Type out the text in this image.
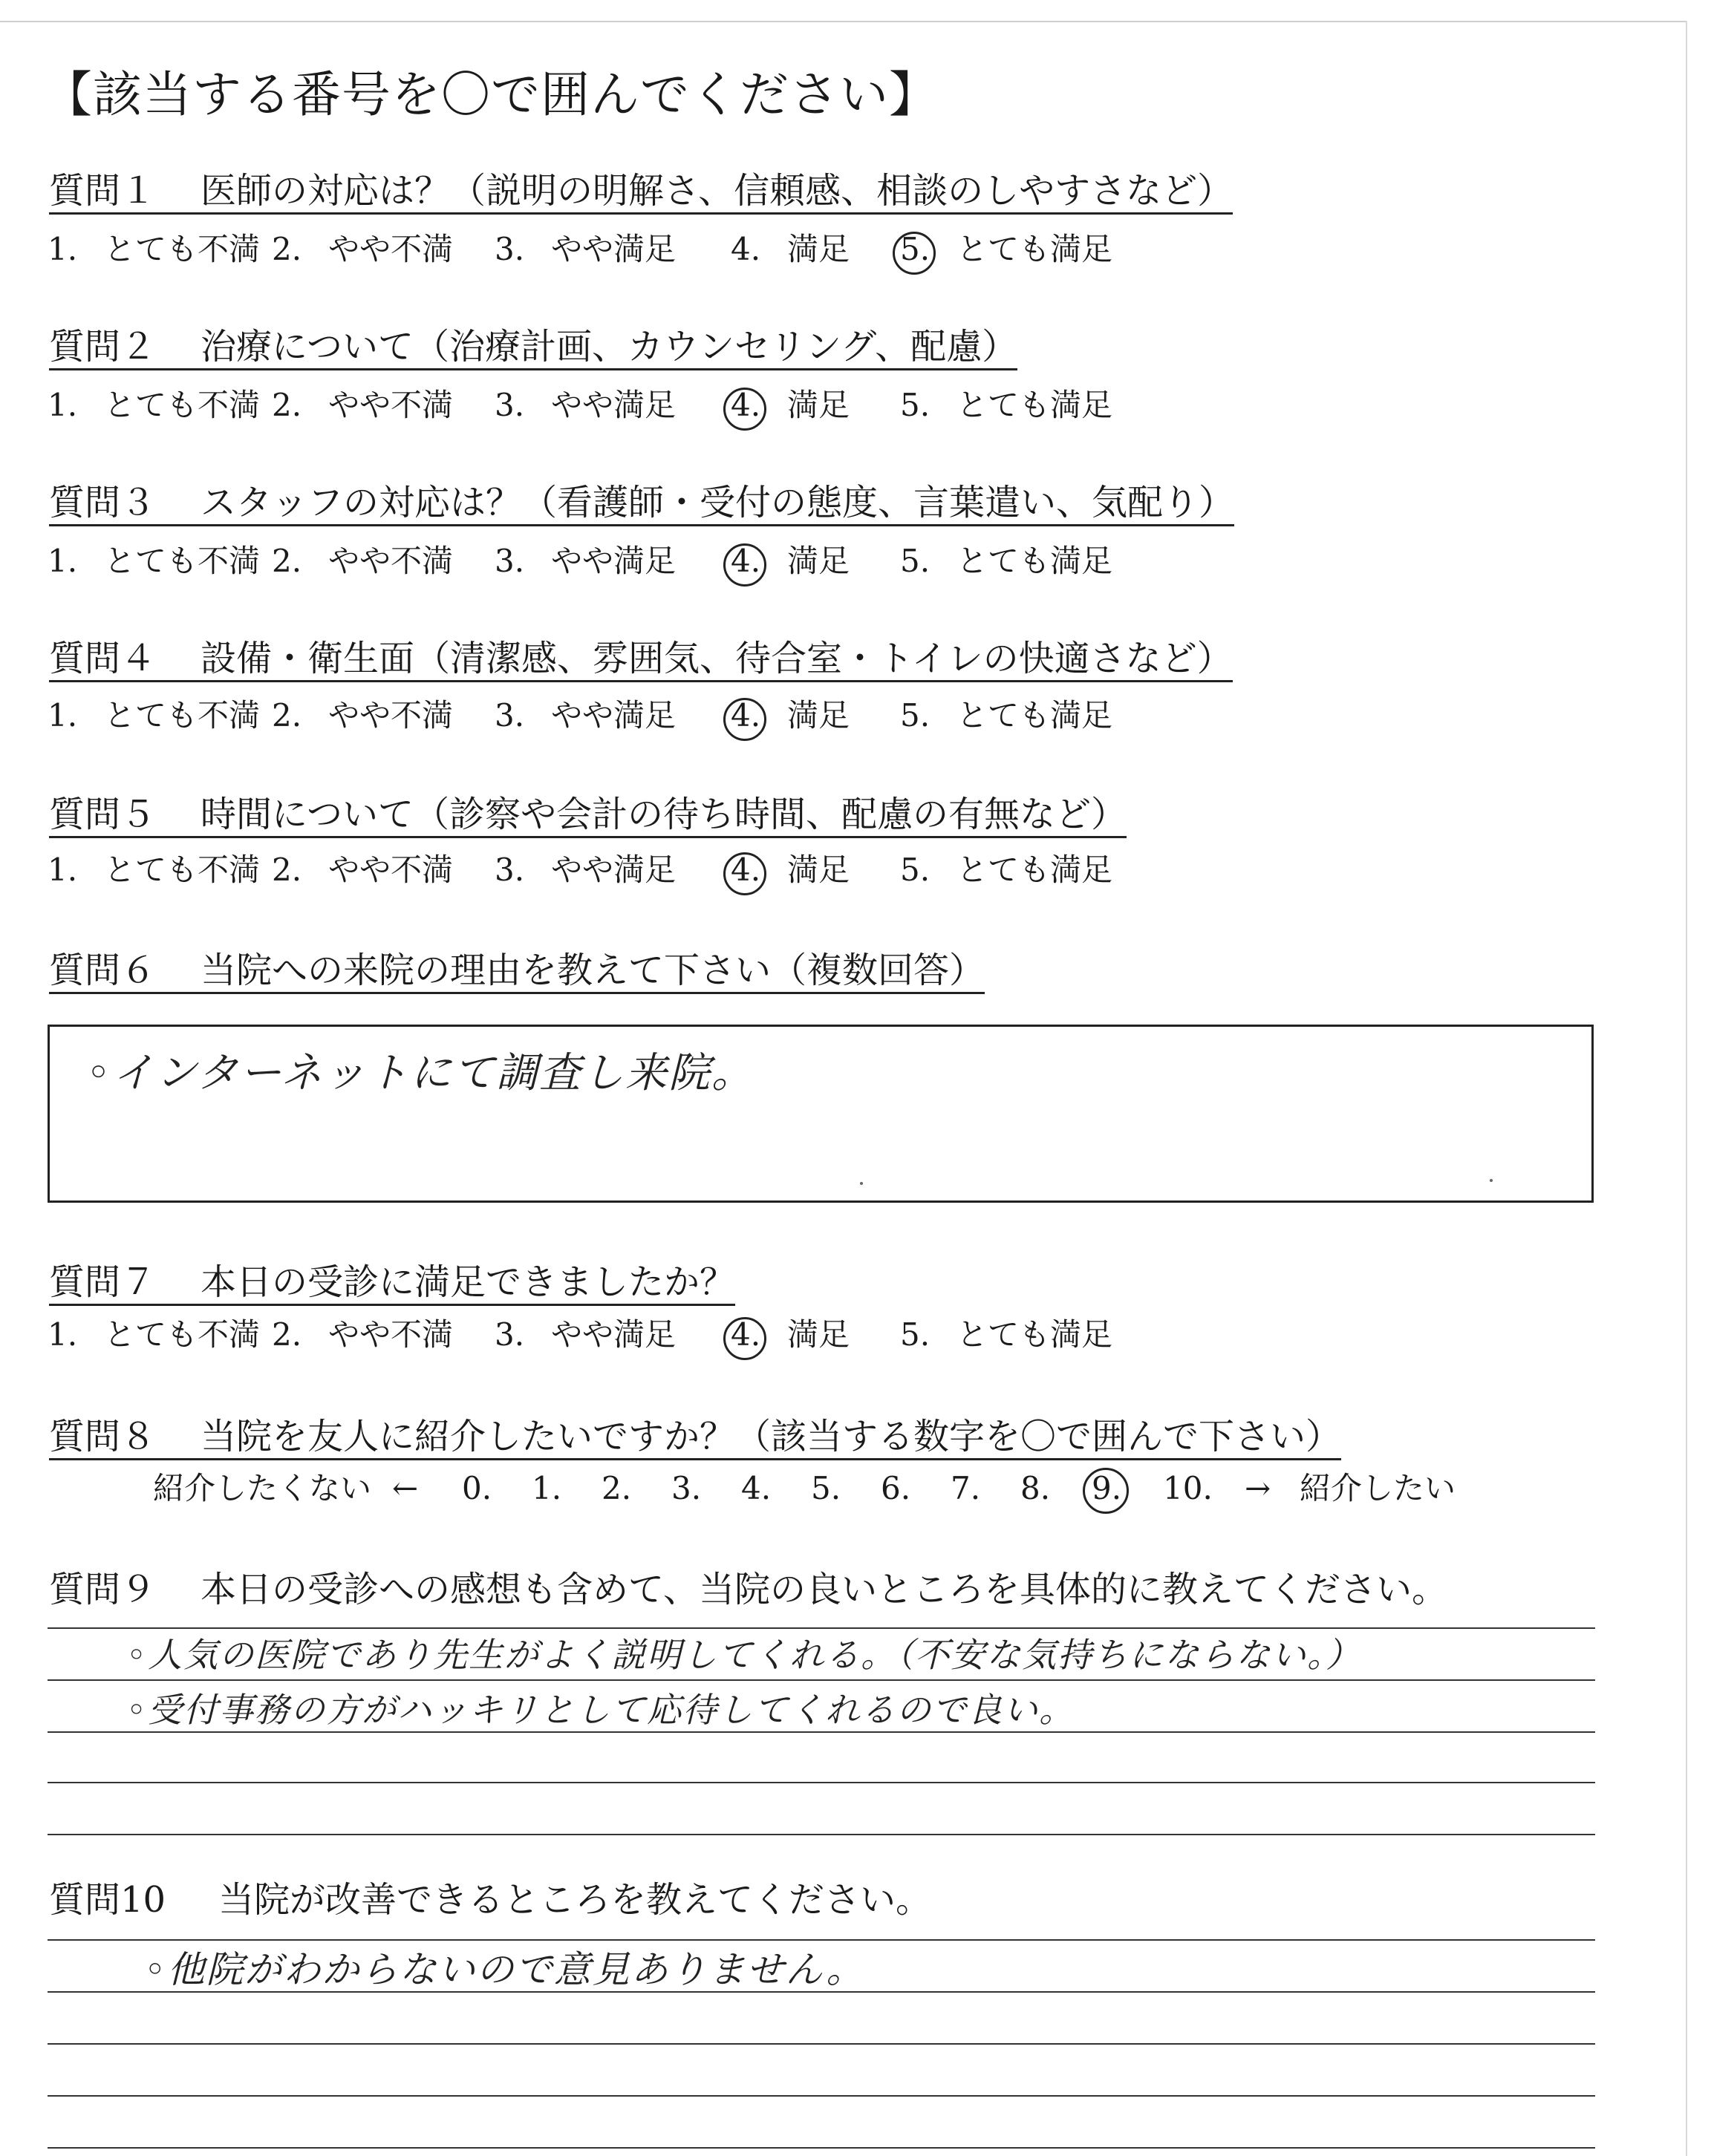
【該当する番号を〇で囲んでください】
質問１ 医師の対応は？（説明の明解さ、信頼感、相談のしやすさなど）
1. とても不満 2. やや不満 3. やや満足 4. 満足 5. とても満足
質問２ 治療について（治療計画、カウンセリング、配慮）
1. とても不満 2. やや不満 3. やや満足 4. 満足 5. とても満足
質問３ スタッフの対応は？（看護師・受付の態度、言葉遣い、気配り）
1. とても不満 2. やや不満 3. やや満足 4. 満足 5. とても満足
質問４ 設備・衛生面（清潔感、雰囲気、待合室・トイレの快適さなど）
1. とても不満 2. やや不満 3. やや満足 4. 満足 5. とても満足
質問５ 時間について（診察や会計の待ち時間、配慮の有無など）
1. とても不満 2. やや不満 3. やや満足 4. 満足 5. とても満足
質問６ 当院への来院の理由を教えて下さい（複数回答）
◦インターネットにて調査し来院。
質問７ 本日の受診に満足できましたか？
1. とても不満 2. やや不満 3. やや満足 4. 満足 5. とても満足
質問８ 当院を友人に紹介したいですか？（該当する数字を〇で囲んで下さい）
紹介したくない ← 0. 1. 2. 3. 4. 5. 6. 7. 8. 9. 10. → 紹介したい
質問９ 本日の受診への感想も含めて、当院の良いところを具体的に教えてください。
◦人気の医院であり先生がよく説明してくれる。（不安な気持ちにならない。）
◦受付事務の方がハッキリとして応待してくれるので良い。
質問10 当院が改善できるところを教えてください。
◦他院がわからないので意見ありません。
